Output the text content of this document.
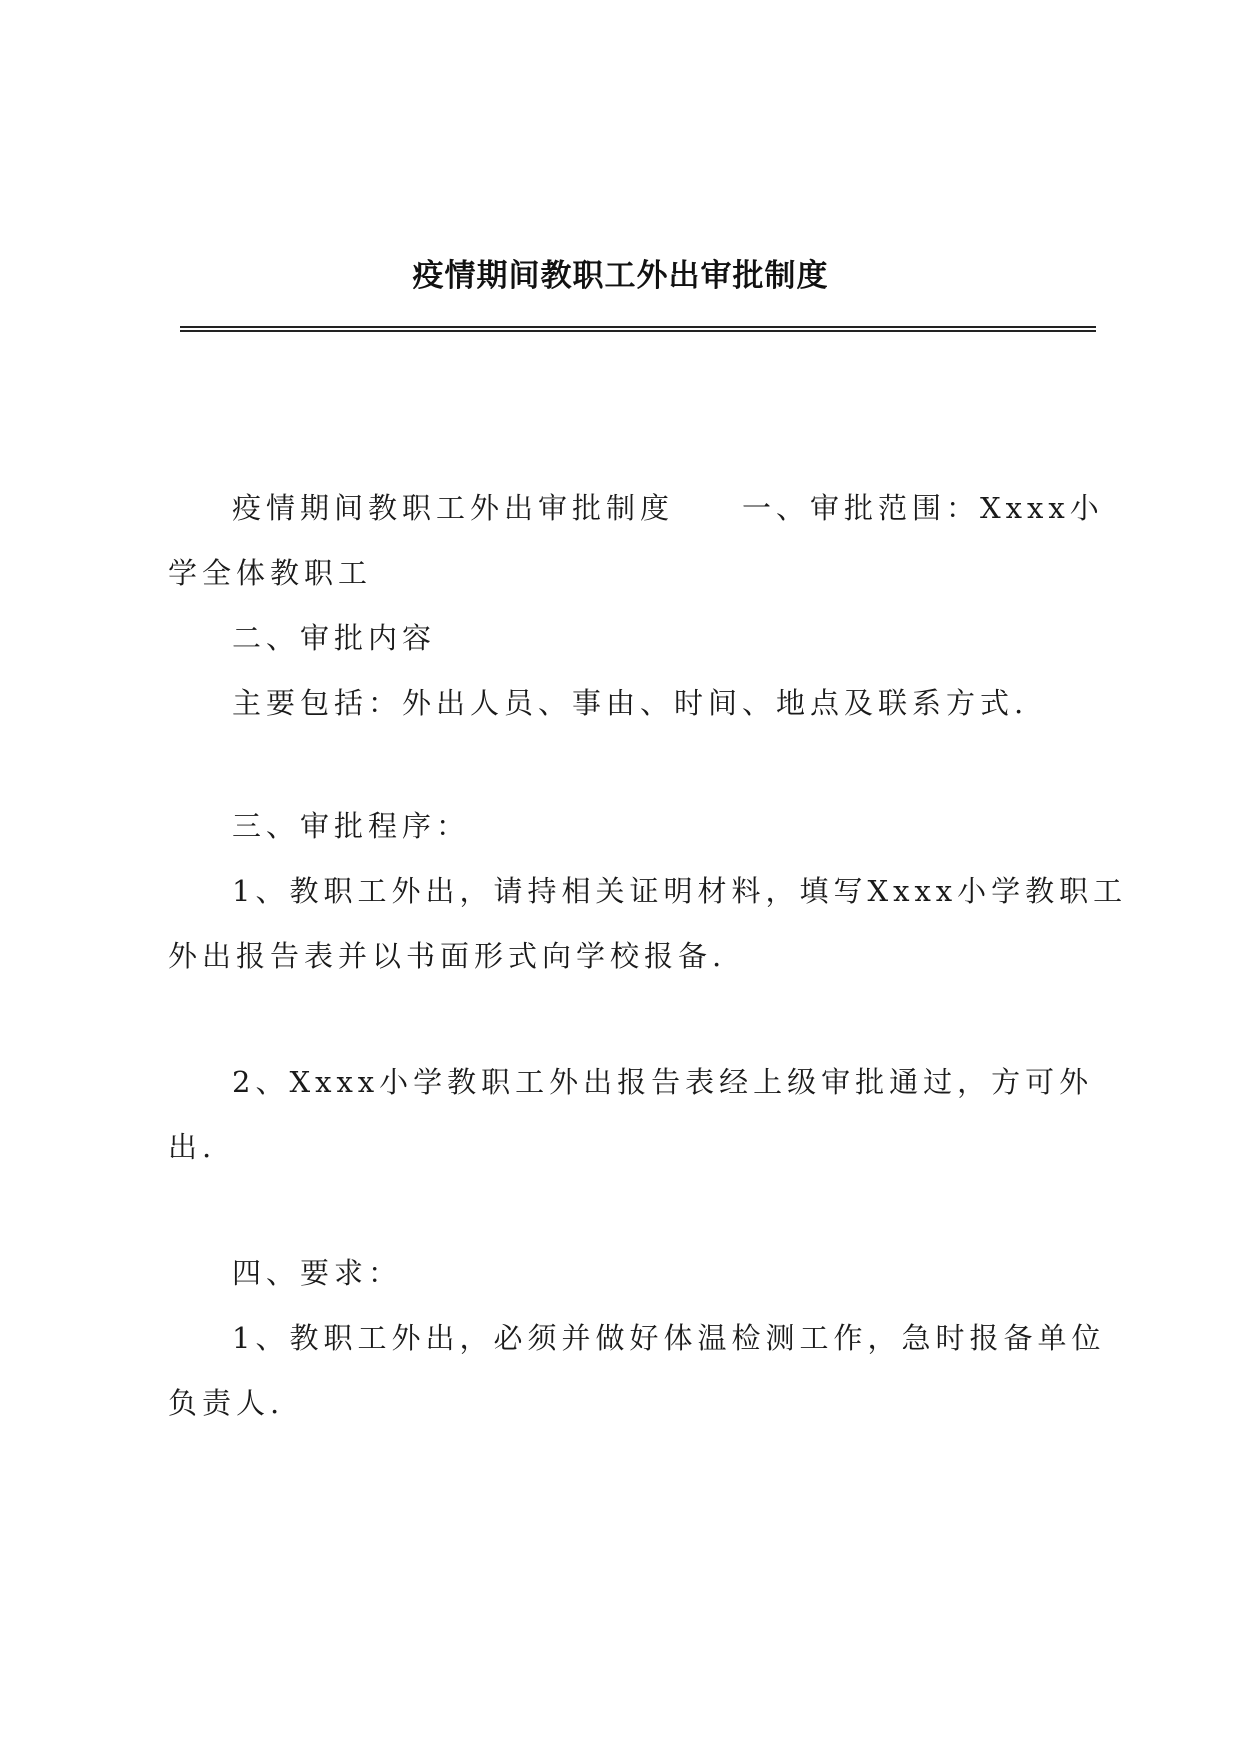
疫情期间教职工外出审批制度
疫情期间教职工外出审批制度　　一、审批范围：Xxxx小
学全体教职工
二、审批内容
主要包括：外出人员、事由、时间、地点及联系方式.
三、审批程序：
1、教职工外出，请持相关证明材料，填写Xxxx小学教职工
外出报告表并以书面形式向学校报备.
2、Xxxx小学教职工外出报告表经上级审批通过，方可外
出.
四、要求：
1、教职工外出，必须并做好体温检测工作，急时报备单位
负责人.
